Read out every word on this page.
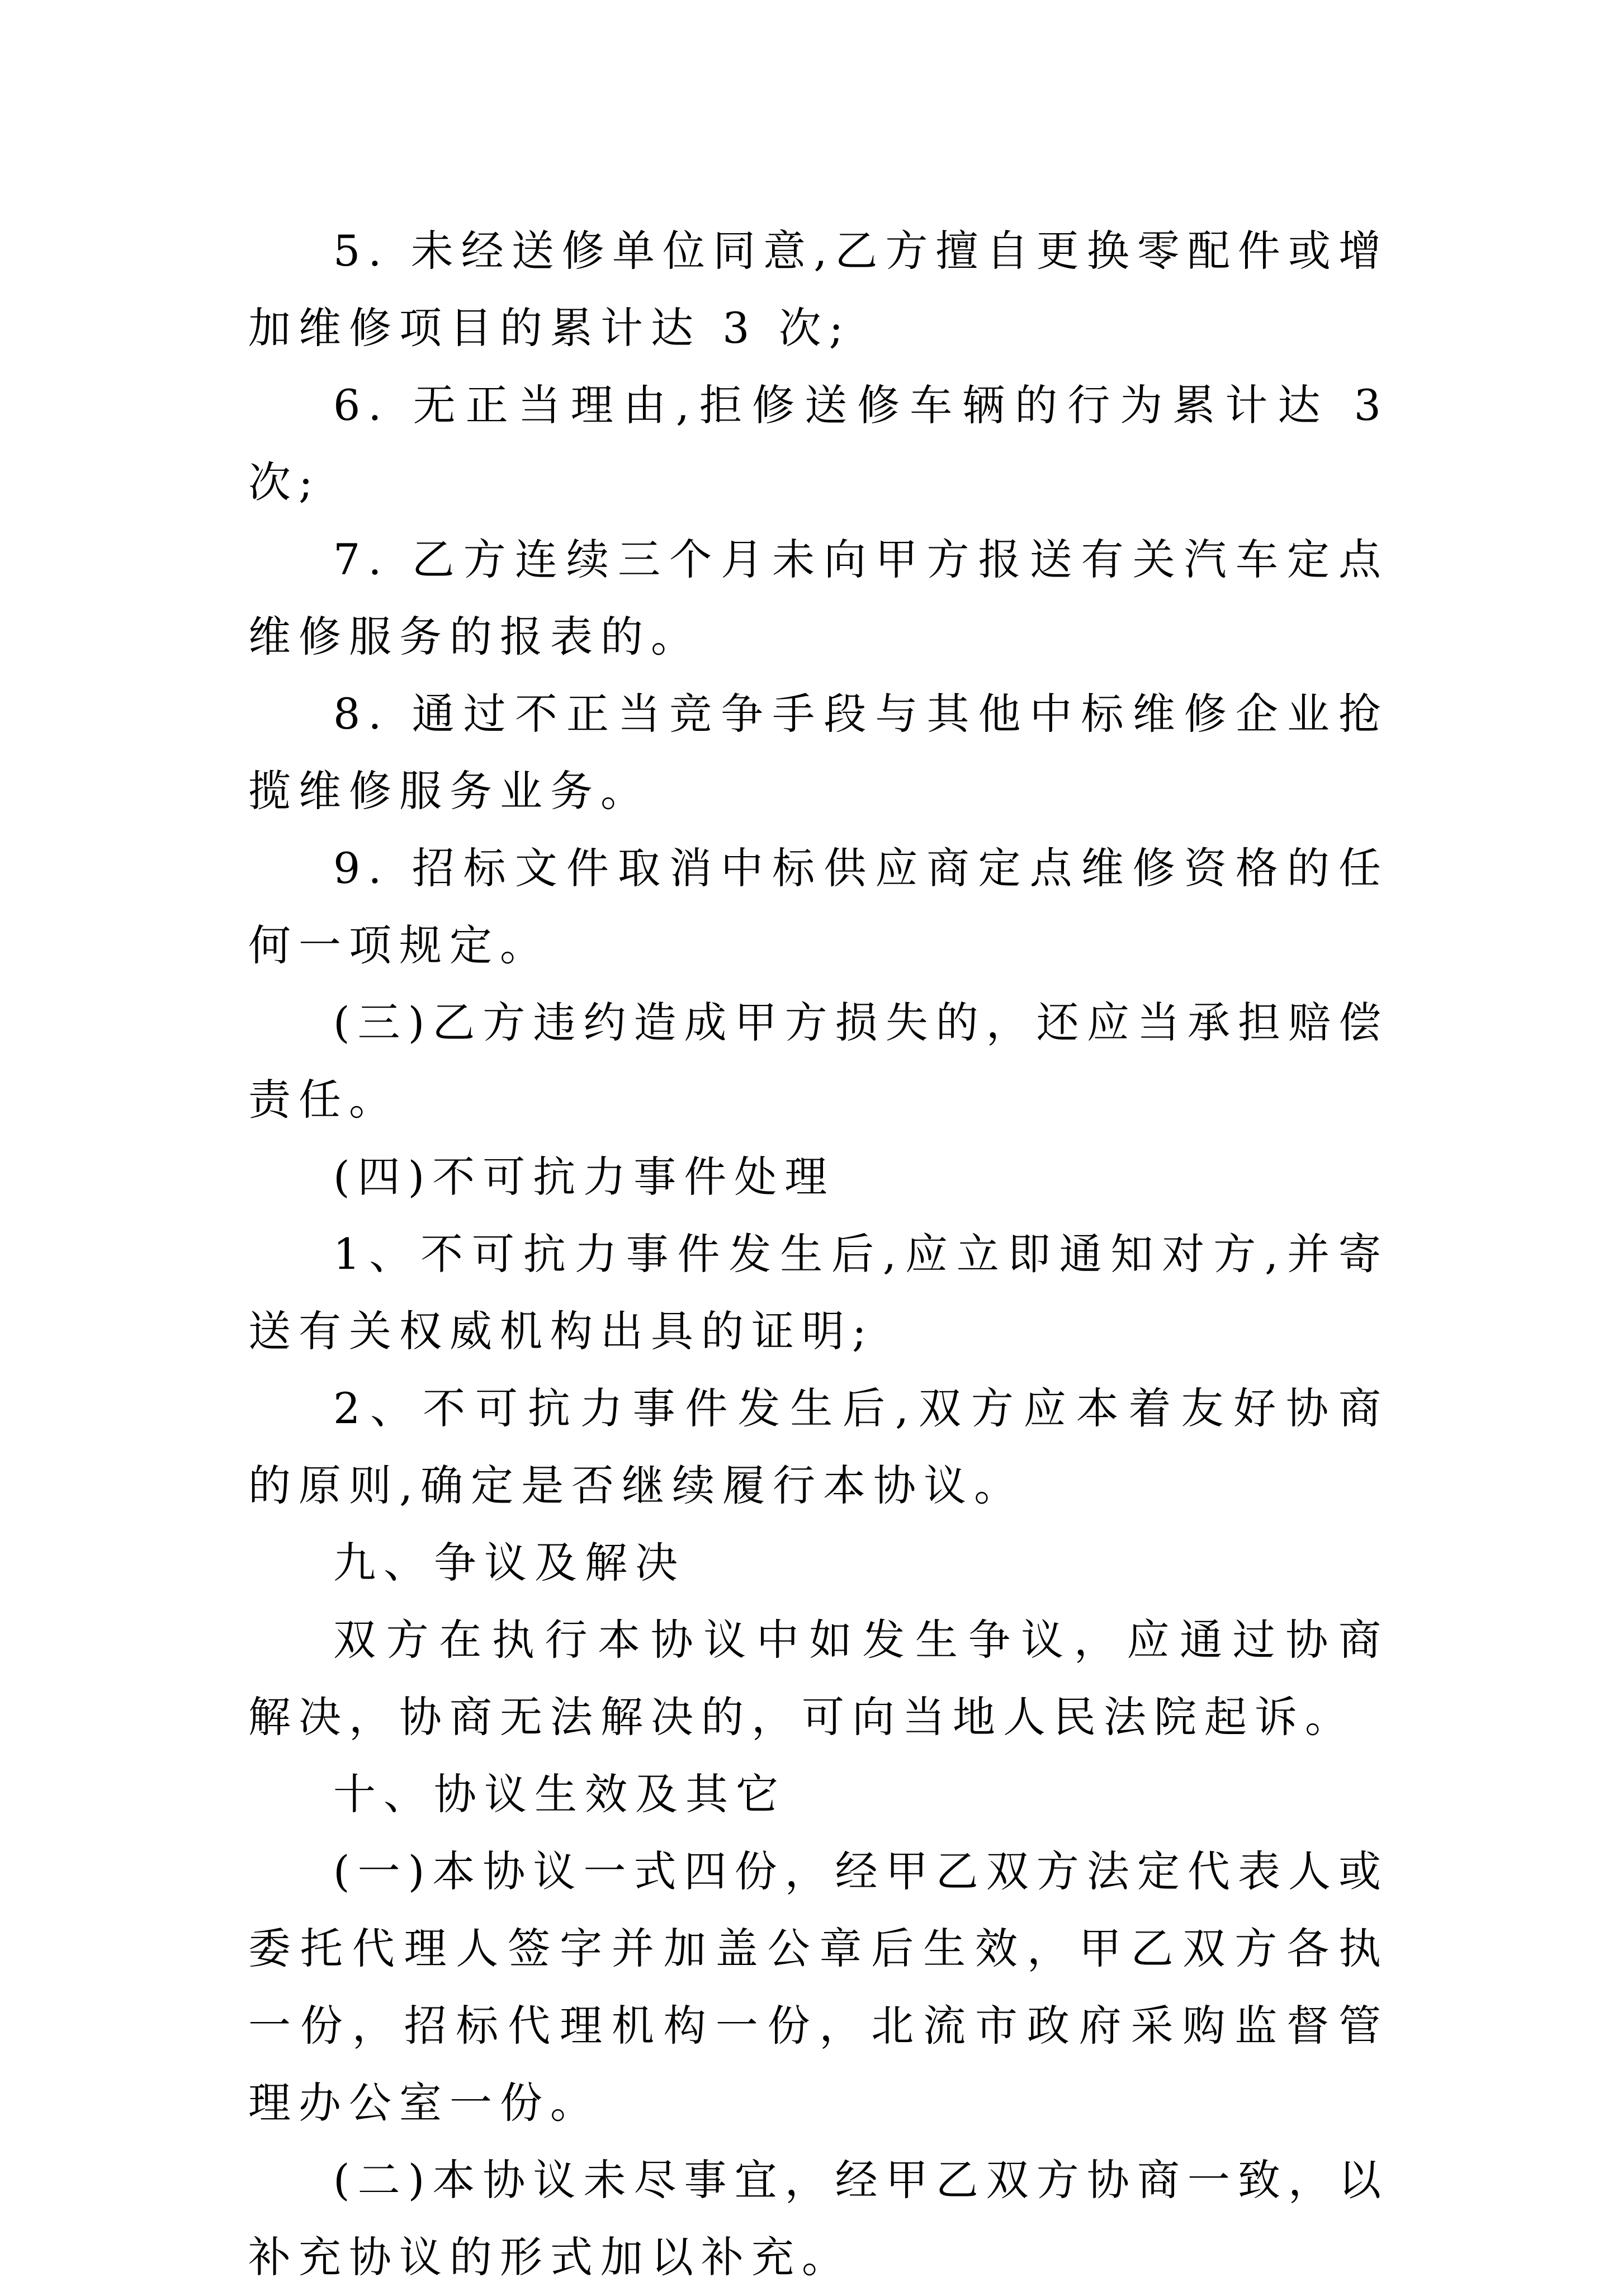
5. 未经送修单位同意,乙方擅自更换零配件或增加维修项目的累计达 3 次;

6. 无正当理由,拒修送修车辆的行为累计达 3 次;

7. 乙方连续三个月未向甲方报送有关汽车定点维修服务的报表的。

8. 通过不正当竞争手段与其他中标维修企业抢揽维修服务业务。

9. 招标文件取消中标供应商定点维修资格的任何一项规定。

(三)乙方违约造成甲方损失的，还应当承担赔偿责任。

(四)不可抗力事件处理

1、不可抗力事件发生后,应立即通知对方,并寄送有关权威机构出具的证明;

2、不可抗力事件发生后,双方应本着友好协商的原则,确定是否继续履行本协议。

九、争议及解决

双方在执行本协议中如发生争议，应通过协商解决，协商无法解决的，可向当地人民法院起诉。

十、协议生效及其它

(一)本协议一式四份，经甲乙双方法定代表人或委托代理人签字并加盖公章后生效，甲乙双方各执一份，招标代理机构一份，北流市政府采购监督管理办公室一份。

(二)本协议未尽事宜，经甲乙双方协商一致，以补充协议的形式加以补充。
